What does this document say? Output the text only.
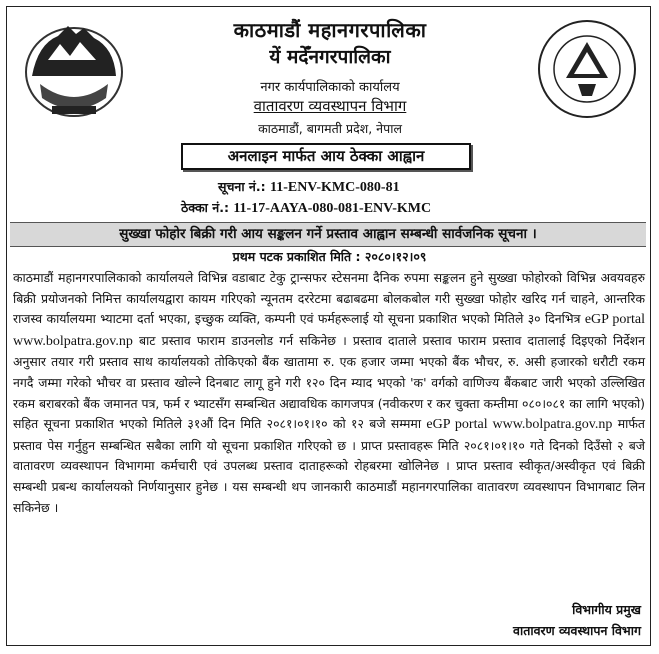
काठमाडौं महानगरपालिका
यें मदेँनगरपालिका
नगर कार्यपालिकाको कार्यालय
वातावरण व्यवस्थापन विभाग
काठमाडौं, बागमती प्रदेश, नेपाल
अनलाइन मार्फत आय ठेक्का आह्वान
सूचना नं.: 11-ENV-KMC-080-81
ठेक्का नं.: 11-17-AAYA-080-081-ENV-KMC
सुख्खा फोहोर बिक्री गरी आय सङ्कलन गर्ने प्रस्ताव आह्वान सम्बन्धी सार्वजनिक सूचना ।
प्रथम पटक प्रकाशित मिति : २०८०।१२।०९
काठमाडौं महानगरपालिकाको कार्यालयले विभिन्न वडाबाट टेकु ट्रान्सफर स्टेसनमा दैनिक रुपमा सङ्कलन हुने सुख्खा फोहोरको विभिन्न अवयवहरु बिक्री प्रयोजनको निमित्त कार्यालयद्वारा कायम गरिएको न्यूनतम दररेटमा बढाबढमा बोलकबोल गरी सुख्खा फोहोर खरिद गर्न चाहने, आन्तरिक राजस्व कार्यालयमा भ्याटमा दर्ता भएका, इच्छुक व्यक्ति, कम्पनी एवं फर्महरूलाई यो सूचना प्रकाशित भएको मितिले ३० दिनभित्र eGP portal www.bolpatra.gov.np बाट प्रस्ताव फाराम डाउनलोड गर्न सकिनेछ । प्रस्ताव दाताले प्रस्ताव फाराम प्रस्ताव दातालाई दिइएको निर्देशन अनुसार तयार गरी प्रस्ताव साथ कार्यालयको तोकिएको बैंक खातामा रु. एक हजार जम्मा भएको बैंक भौचर, रु. असी हजारको धरौटी रकम नगदै जम्मा गरेको भौचर वा प्रस्ताव खोल्ने दिनबाट लागू हुने गरी १२० दिन म्याद भएको 'क' वर्गको वाणिज्य बैंकबाट जारी भएको उल्लिखित रकम बराबरको बैंक जमानत पत्र, फर्म र भ्याटसँग सम्बन्धित अद्यावधिक कागजपत्र (नवीकरण र कर चुक्ता कम्तीमा ०८०।०८१ का लागि भएको) सहित सूचना प्रकाशित भएको मितिले ३१औं दिन मिति २०८१।०१।१० को १२ बजे सम्ममा eGP portal www.bolpatra.gov.np मार्फत प्रस्ताव पेस गर्नुहुन सम्बन्धित सबैका लागि यो सूचना प्रकाशित गरिएको छ । प्राप्त प्रस्तावहरू मिति २०८१।०१।१० गते दिनको दिउँसो २ बजे वातावरण व्यवस्थापन विभागमा कर्मचारी एवं उपलब्ध प्रस्ताव दाताहरूको रोहबरमा खोलिनेछ । प्राप्त प्रस्ताव स्वीकृत/अस्वीकृत एवं बिक्री सम्बन्धी प्रबन्ध कार्यालयको निर्णयानुसार हुनेछ । यस सम्बन्धी थप जानकारी काठमाडौं महानगरपालिका वातावरण व्यवस्थापन विभागबाट लिन सकिनेछ ।
विभागीय प्रमुख
वातावरण व्यवस्थापन विभाग
